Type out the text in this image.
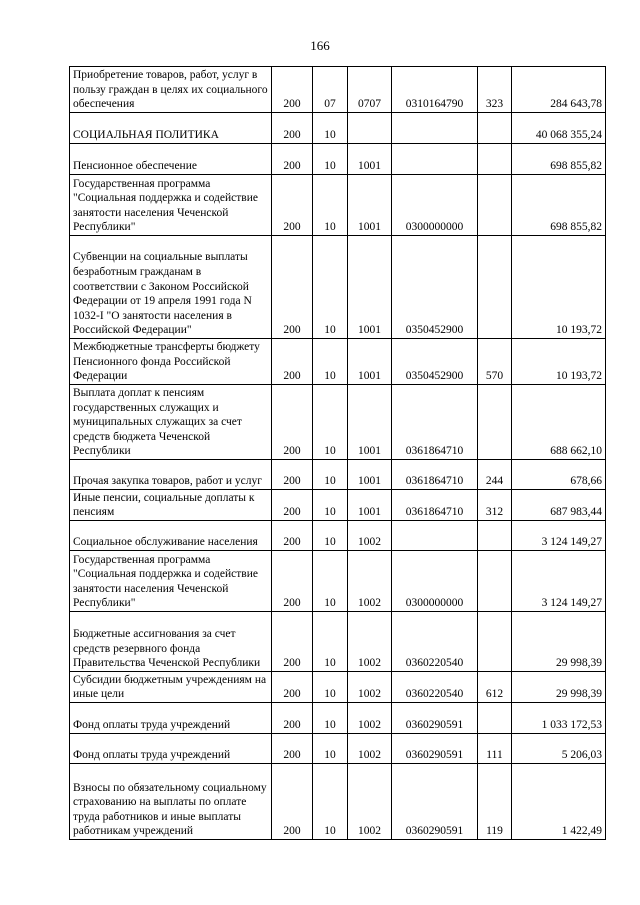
166
Приобретение товаров, работ, услуг в пользу граждан в целях их социального обеспечения	200	07	0707	0310164790	323	284 643,78
СОЦИАЛЬНАЯ ПОЛИТИКА	200	10				40 068 355,24
Пенсионное обеспечение	200	10	1001			698 855,82
Государственная программа "Социальная поддержка и содействие занятости населения Чеченской Республики"	200	10	1001	0300000000		698 855,82
Субвенции на социальные выплаты безработным гражданам в соответствии с Законом Российской Федерации от 19 апреля 1991 года N 1032-I "О занятости населения в Российской Федерации"	200	10	1001	0350452900		10 193,72
Межбюджетные трансферты бюджету Пенсионного фонда Российской Федерации	200	10	1001	0350452900	570	10 193,72
Выплата доплат к пенсиям государственных служащих и муниципальных служащих за счет средств бюджета Чеченской Республики	200	10	1001	0361864710		688 662,10
Прочая закупка товаров, работ и услуг	200	10	1001	0361864710	244	678,66
Иные пенсии, социальные доплаты к пенсиям	200	10	1001	0361864710	312	687 983,44
Социальное обслуживание населения	200	10	1002			3 124 149,27
Государственная программа "Социальная поддержка и содействие занятости населения Чеченской Республики"	200	10	1002	0300000000		3 124 149,27
Бюджетные ассигнования за счет средств резервного фонда Правительства Чеченской Республики	200	10	1002	0360220540		29 998,39
Субсидии бюджетным учреждениям на иные цели	200	10	1002	0360220540	612	29 998,39
Фонд оплаты труда учреждений	200	10	1002	0360290591		1 033 172,53
Фонд оплаты труда учреждений	200	10	1002	0360290591	111	5 206,03
Взносы по обязательному социальному страхованию на выплаты по оплате труда работников и иные выплаты работникам учреждений	200	10	1002	0360290591	119	1 422,49
